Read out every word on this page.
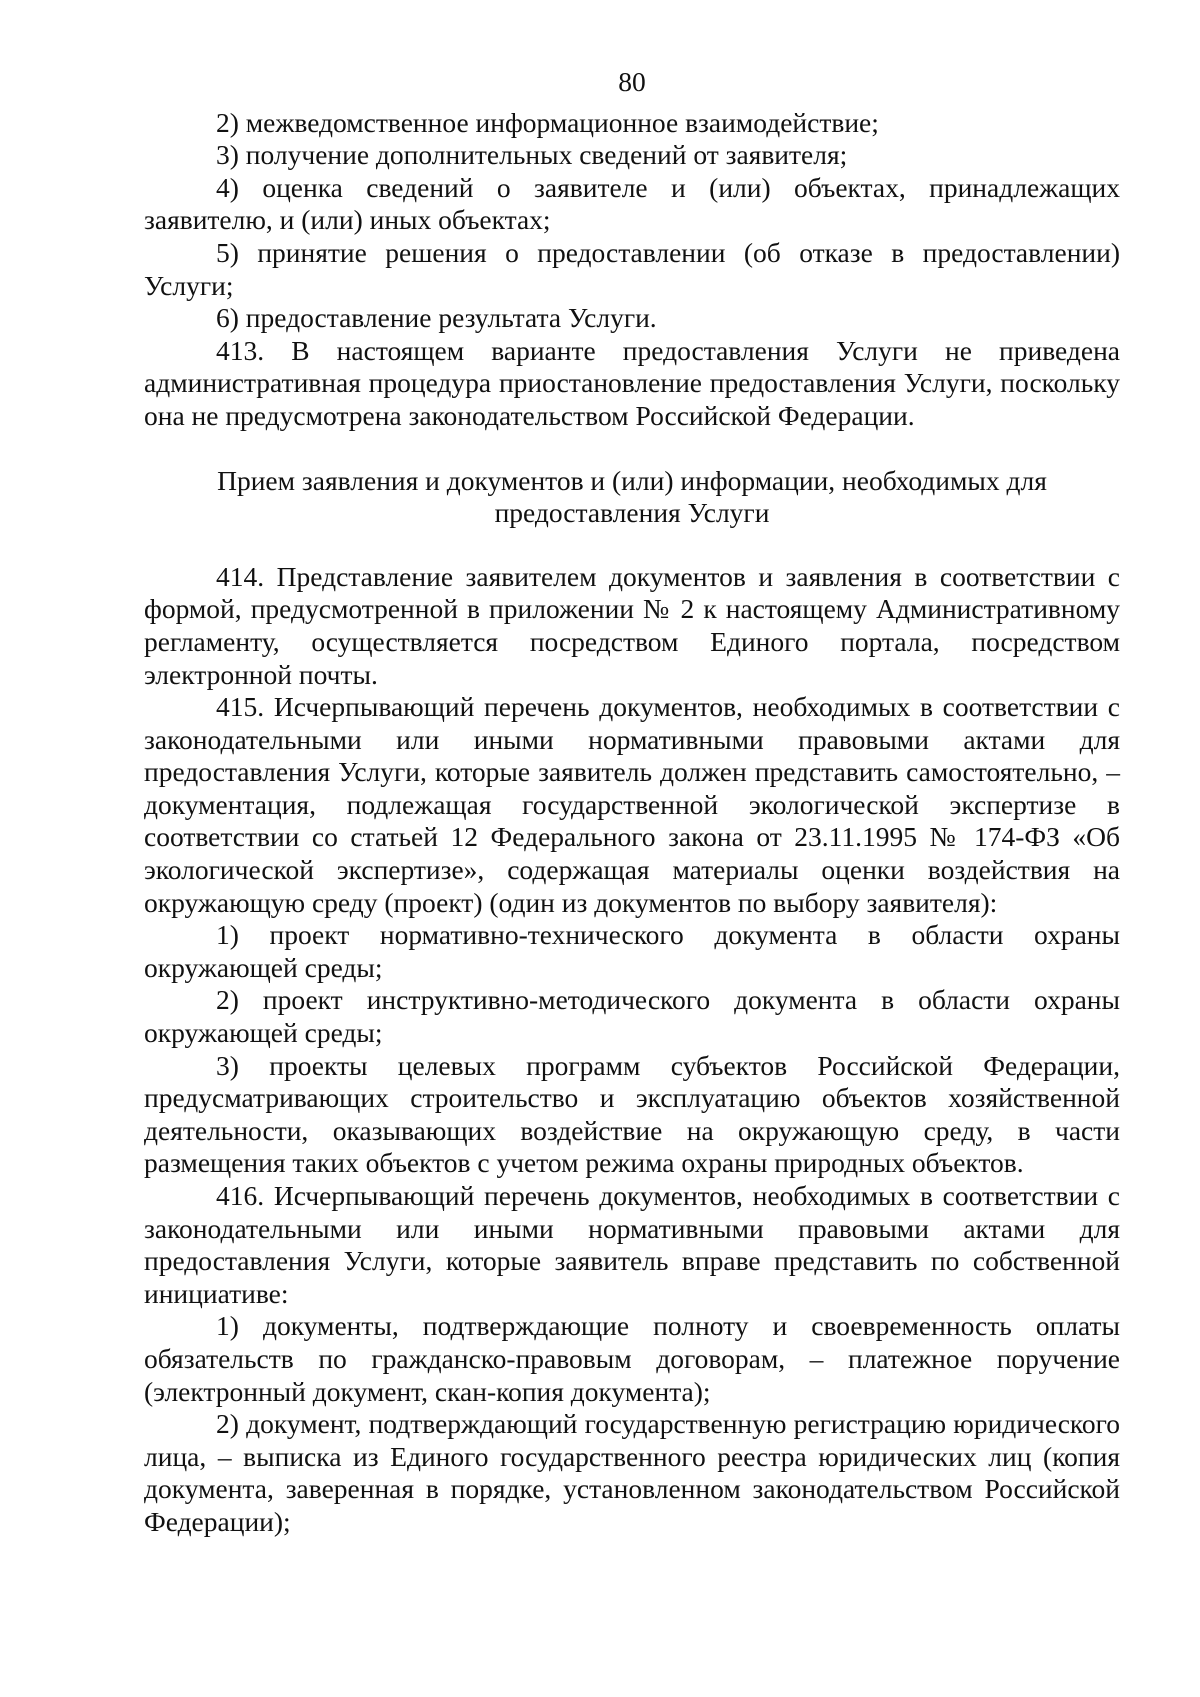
80

2) межведомственное информационное взаимодействие;

3) получение дополнительных сведений от заявителя;

4) оценка сведений о заявителе и (или) объектах, принадлежащих заявителю, и (или) иных объектах;

5) принятие решения о предоставлении (об отказе в предоставлении) Услуги;

6) предоставление результата Услуги.

413. В настоящем варианте предоставления Услуги не приведена административная процедура приостановление предоставления Услуги, поскольку она не предусмотрена законодательством Российской Федерации.

Прием заявления и документов и (или) информации, необходимых для предоставления Услуги

414. Представление заявителем документов и заявления в соответствии с формой, предусмотренной в приложении № 2 к настоящему Административному регламенту, осуществляется посредством Единого портала, посредством электронной почты.

415. Исчерпывающий перечень документов, необходимых в соответствии с законодательными или иными нормативными правовыми актами для предоставления Услуги, которые заявитель должен представить самостоятельно, – документация, подлежащая государственной экологической экспертизе в соответствии со статьей 12 Федерального закона от 23.11.1995 № 174-ФЗ «Об экологической экспертизе», содержащая материалы оценки воздействия на окружающую среду (проект) (один из документов по выбору заявителя):

1) проект нормативно-технического документа в области охраны окружающей среды;

2) проект инструктивно-методического документа в области охраны окружающей среды;

3) проекты целевых программ субъектов Российской Федерации, предусматривающих строительство и эксплуатацию объектов хозяйственной деятельности, оказывающих воздействие на окружающую среду, в части размещения таких объектов с учетом режима охраны природных объектов.

416. Исчерпывающий перечень документов, необходимых в соответствии с законодательными или иными нормативными правовыми актами для предоставления Услуги, которые заявитель вправе представить по собственной инициативе:

1) документы, подтверждающие полноту и своевременность оплаты обязательств по гражданско-правовым договорам, – платежное поручение (электронный документ, скан-копия документа);

2) документ, подтверждающий государственную регистрацию юридического лица, – выписка из Единого государственного реестра юридических лиц (копия документа, заверенная в порядке, установленном законодательством Российской Федерации);
